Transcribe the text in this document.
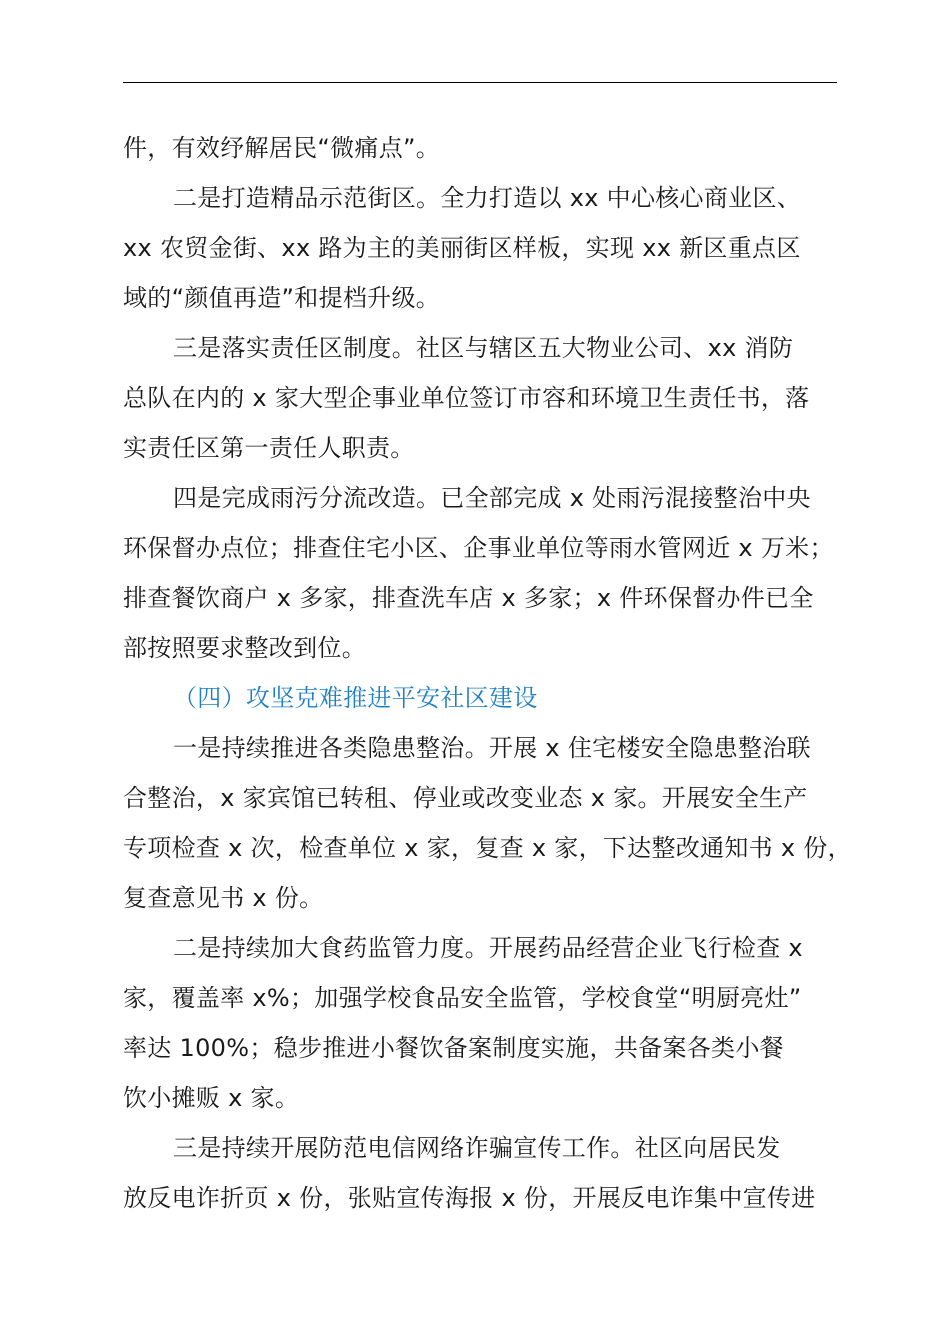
件，有效纾解居民“微痛点”。

二是打造精品示范街区。全力打造以 xx 中心核心商业区、

xx 农贸金街、xx 路为主的美丽街区样板，实现 xx 新区重点区

域的“颜值再造”和提档升级。

三是落实责任区制度。社区与辖区五大物业公司、xx 消防

总队在内的 x 家大型企事业单位签订市容和环境卫生责任书，落

实责任区第一责任人职责。

四是完成雨污分流改造。已全部完成 x 处雨污混接整治中央

环保督办点位；排查住宅小区、企事业单位等雨水管网近 x 万米；

排查餐饮商户 x 多家，排查洗车店 x 多家；x 件环保督办件已全

部按照要求整改到位。

（四）攻坚克难推进平安社区建设

一是持续推进各类隐患整治。开展 x 住宅楼安全隐患整治联

合整治，x 家宾馆已转租、停业或改变业态 x 家。开展安全生产

专项检查 x 次，检查单位 x 家，复查 x 家，下达整改通知书 x 份，

复查意见书 x 份。

二是持续加大食药监管力度。开展药品经营企业飞行检查 x

家，覆盖率 x%；加强学校食品安全监管，学校食堂“明厨亮灶”

率达 100%；稳步推进小餐饮备案制度实施，共备案各类小餐

饮小摊贩 x 家。

三是持续开展防范电信网络诈骗宣传工作。社区向居民发

放反电诈折页 x 份，张贴宣传海报 x 份，开展反电诈集中宣传进
